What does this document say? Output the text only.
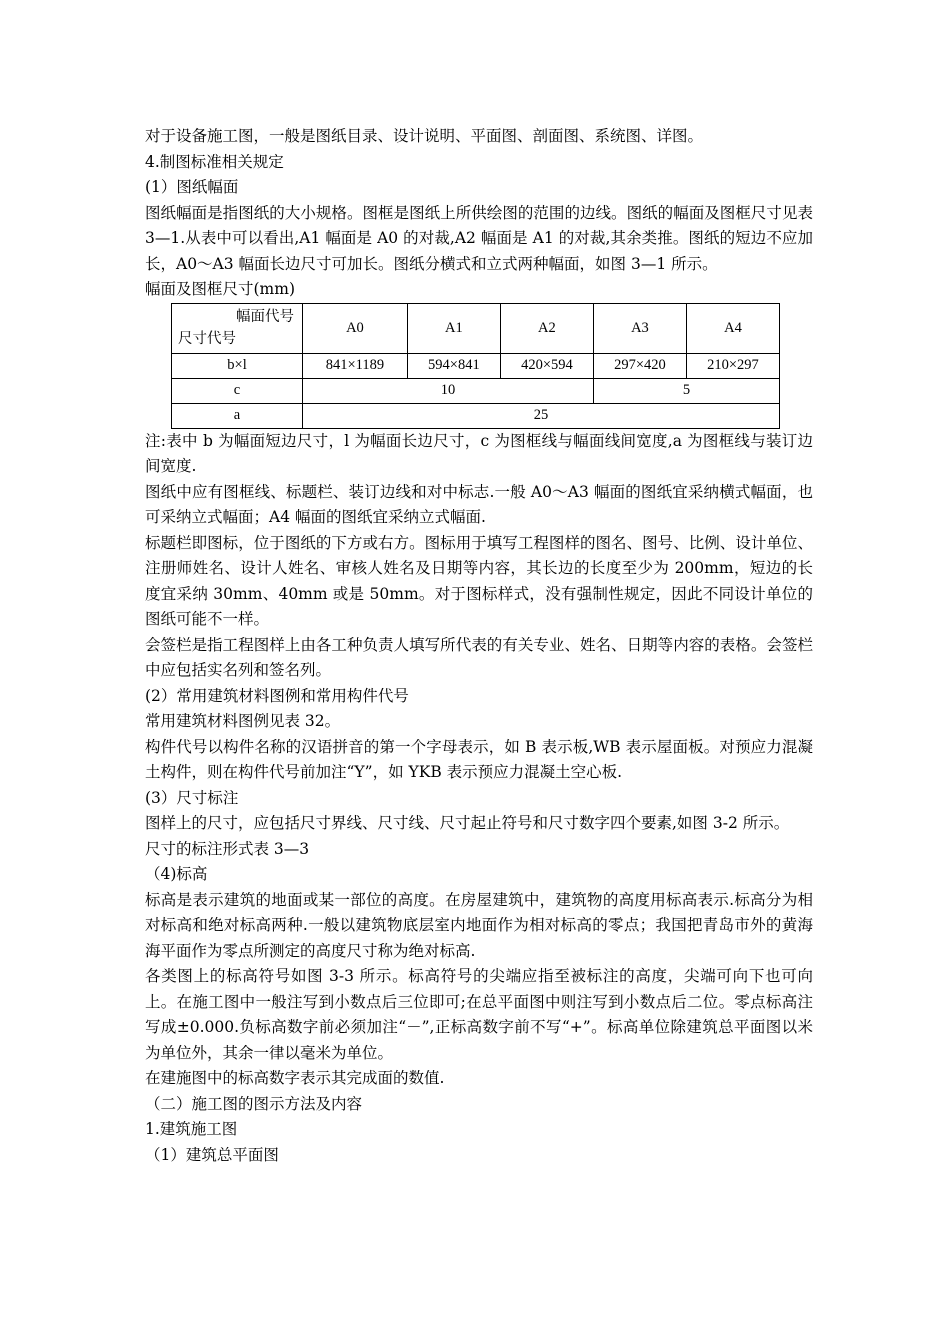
对于设备施工图，一般是图纸目录、设计说明、平面图、剖面图、系统图、详图。

4.制图标准相关规定

(1）图纸幅面

图纸幅面是指图纸的大小规格。图框是图纸上所供绘图的范围的边线。图纸的幅面及图框尺寸见表 3—1.从表中可以看出,A1 幅面是 A0 的对裁,A2 幅面是 A1 的对裁,其余类推。图纸的短边不应加长，A0～A3 幅面长边尺寸可加长。图纸分横式和立式两种幅面，如图 3—1 所示。

幅面及图框尺寸(mm)

幅面代号
尺寸代号	A0	A1	A2	A3	A4
b×l	841×1189	594×841	420×594	297×420	210×297
c	10			5	
a	25				

注:表中 b 为幅面短边尺寸，l 为幅面长边尺寸，c 为图框线与幅面线间宽度,a 为图框线与装订边间宽度.

图纸中应有图框线、标题栏、装订边线和对中标志.一般 A0～A3 幅面的图纸宜采纳横式幅面，也可采纳立式幅面；A4 幅面的图纸宜采纳立式幅面.

标题栏即图标，位于图纸的下方或右方。图标用于填写工程图样的图名、图号、比例、设计单位、注册师姓名、设计人姓名、审核人姓名及日期等内容，其长边的长度至少为 200mm，短边的长度宜采纳 30mm、40mm 或是 50mm。对于图标样式，没有强制性规定，因此不同设计单位的图纸可能不一样。

会签栏是指工程图样上由各工种负责人填写所代表的有关专业、姓名、日期等内容的表格。会签栏中应包括实名列和签名列。

(2）常用建筑材料图例和常用构件代号

常用建筑材料图例见表 32。

构件代号以构件名称的汉语拼音的第一个字母表示，如 B 表示板,WB 表示屋面板。对预应力混凝土构件，则在构件代号前加注“Y”，如 YKB 表示预应力混凝土空心板.

(3）尺寸标注

图样上的尺寸，应包括尺寸界线、尺寸线、尺寸起止符号和尺寸数字四个要素,如图 3-2 所示。

尺寸的标注形式表 3—3

（4)标高

标高是表示建筑的地面或某一部位的高度。在房屋建筑中，建筑物的高度用标高表示.标高分为相对标高和绝对标高两种.一般以建筑物底层室内地面作为相对标高的零点；我国把青岛市外的黄海海平面作为零点所测定的高度尺寸称为绝对标高.

各类图上的标高符号如图 3-3 所示。标高符号的尖端应指至被标注的高度，尖端可向下也可向上。在施工图中一般注写到小数点后三位即可;在总平面图中则注写到小数点后二位。零点标高注写成±0.000.负标高数字前必须加注“－”,正标高数字前不写“+”。标高单位除建筑总平面图以米为单位外，其余一律以毫米为单位。

在建施图中的标高数字表示其完成面的数值.

（二）施工图的图示方法及内容

1.建筑施工图

（1）建筑总平面图
